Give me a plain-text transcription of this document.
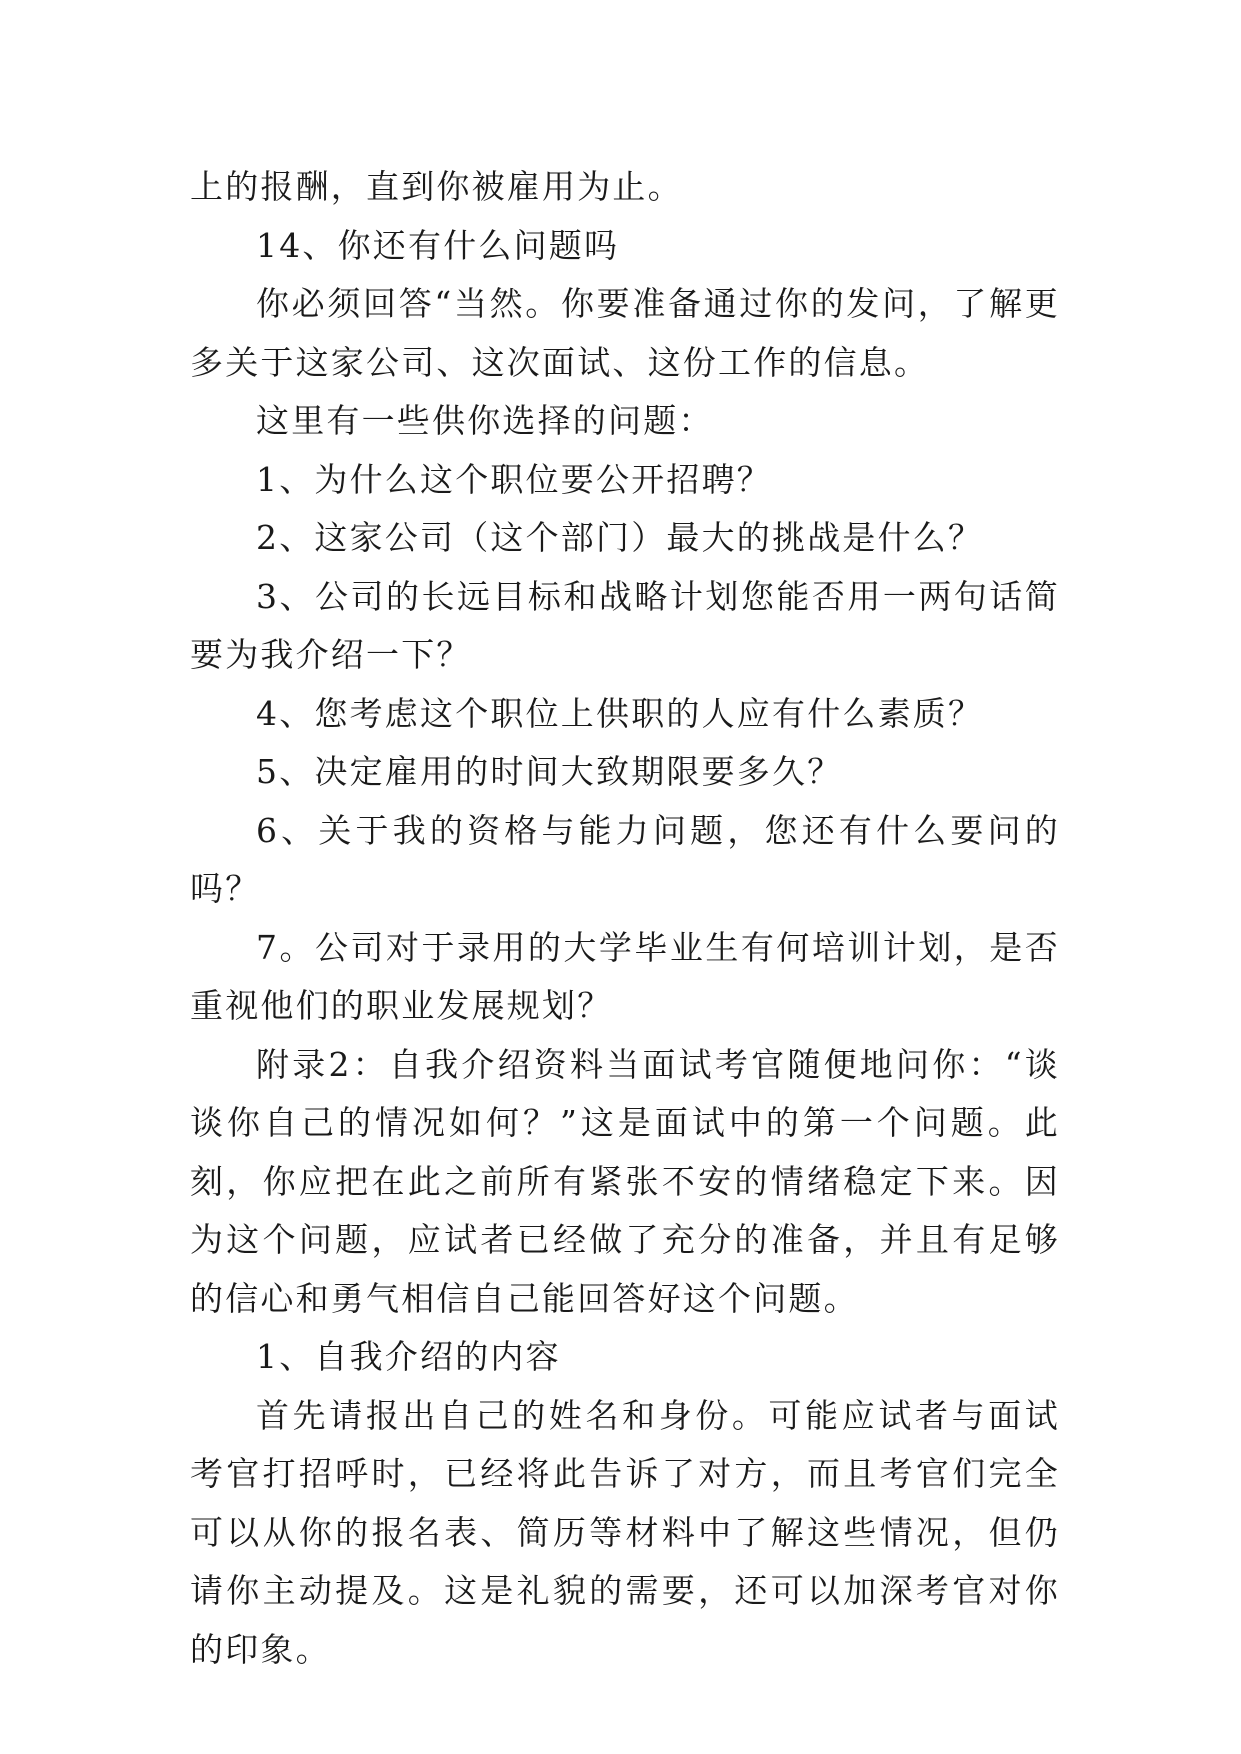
上的报酬，直到你被雇用为止。

14、你还有什么问题吗

你必须回答“当然。你要准备通过你的发问，了解更多关于这家公司、这次面试、这份工作的信息。

这里有一些供你选择的问题：

1、为什么这个职位要公开招聘？

2、这家公司（这个部门）最大的挑战是什么？

3、公司的长远目标和战略计划您能否用一两句话简要为我介绍一下？

4、您考虑这个职位上供职的人应有什么素质？

5、决定雇用的时间大致期限要多久？

6、关于我的资格与能力问题，您还有什么要问的吗？

7。公司对于录用的大学毕业生有何培训计划，是否重视他们的职业发展规划？

附录2：自我介绍资料当面试考官随便地问你：“谈谈你自己的情况如何？”这是面试中的第一个问题。此刻，你应把在此之前所有紧张不安的情绪稳定下来。因为这个问题，应试者已经做了充分的准备，并且有足够的信心和勇气相信自己能回答好这个问题。

1、自我介绍的内容

首先请报出自己的姓名和身份。可能应试者与面试考官打招呼时，已经将此告诉了对方，而且考官们完全可以从你的报名表、简历等材料中了解这些情况，但仍请你主动提及。这是礼貌的需要，还可以加深考官对你的印象。
